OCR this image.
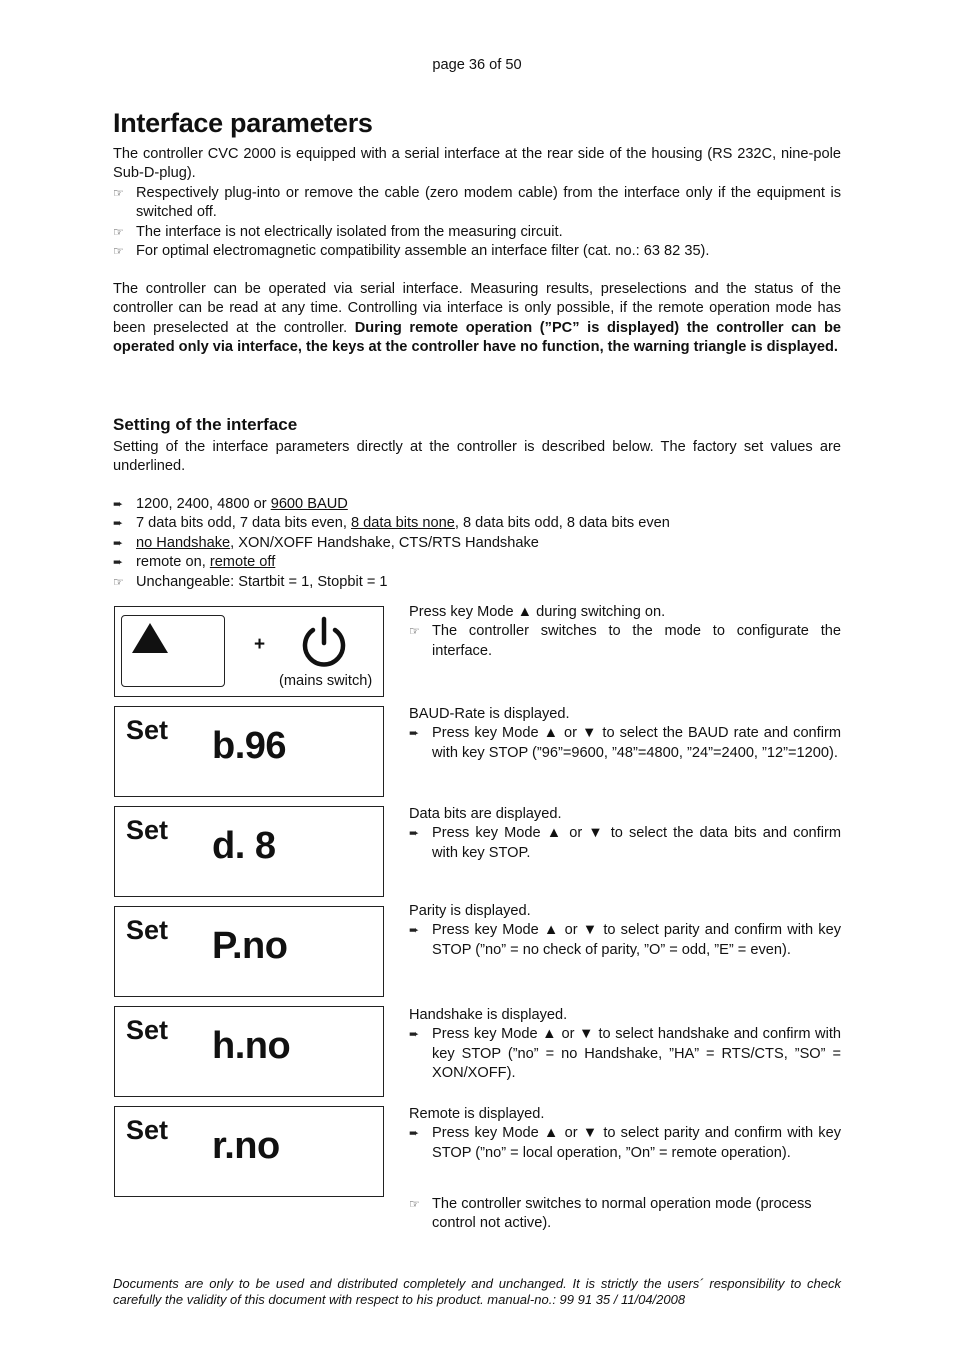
page 36 of 50
Interface parameters

The controller CVC 2000 is equipped with a serial interface at the rear side of the housing (RS 232C, nine-pole Sub-D-plug).

☞ Respectively plug-into or remove the cable (zero modem cable) from the interface only if the equipment is switched off.
☞ The interface is not electrically isolated from the measuring circuit.
☞ For optimal electromagnetic compatibility assemble an interface filter (cat. no.: 63 82 35).

The controller can be operated via serial interface. Measuring results, preselections and the status of the controller can be read at any time. Controlling via interface is only possible, if the remote operation mode has been preselected at the controller. During remote operation (”PC” is displayed) the controller can be operated only via interface, the keys at the controller have no function, the warning triangle is displayed.

Setting of the interface

Setting of the interface parameters directly at the controller is described below. The factory set values are underlined.

➨ 1200, 2400, 4800 or 9600 BAUD
➨ 7 data bits odd, 7 data bits even, 8 data bits none, 8 data bits odd, 8 data bits even
➨ no Handshake, XON/XOFF Handshake, CTS/RTS Handshake
➨ remote on, remote off
☞ Unchangeable: Startbit = 1, Stopbit = 1
+
(mains switch)
Set b.96
Set d. 8
Set P.no
Set h.no
Set r.no

Press key Mode ▲ during switching on.

☞ The controller switches to the mode to configurate the interface.

BAUD-Rate is displayed.

➨ Press key Mode ▲ or ▼ to select the BAUD rate and confirm with key STOP (”96”=9600, ”48”=4800, ”24”=2400, ”12”=1200).

Data bits are displayed.

➨ Press key Mode ▲ or ▼ to select the data bits and confirm with key STOP.

Parity is displayed.

➨ Press key Mode ▲ or ▼ to select parity and confirm with key STOP (”no” = no check of parity, ”O” = odd, ”E” = even).

Handshake is displayed.

➨ Press key Mode ▲ or ▼ to select handshake and confirm with key STOP (”no” = no Handshake, ”HA” = RTS/CTS, ”SO” = XON/XOFF).

Remote is displayed.

➨ Press key Mode ▲ or ▼ to select parity and confirm with key STOP (”no” = local operation, ”On” = remote operation).
☞ The controller switches to normal operation mode (process control not active).
Documents are only to be used and distributed completely and unchanged. It is strictly the users´ responsibility to check carefully the validity of this document with respect to his product. manual-no.: 99 91 35 / 11/04/2008
